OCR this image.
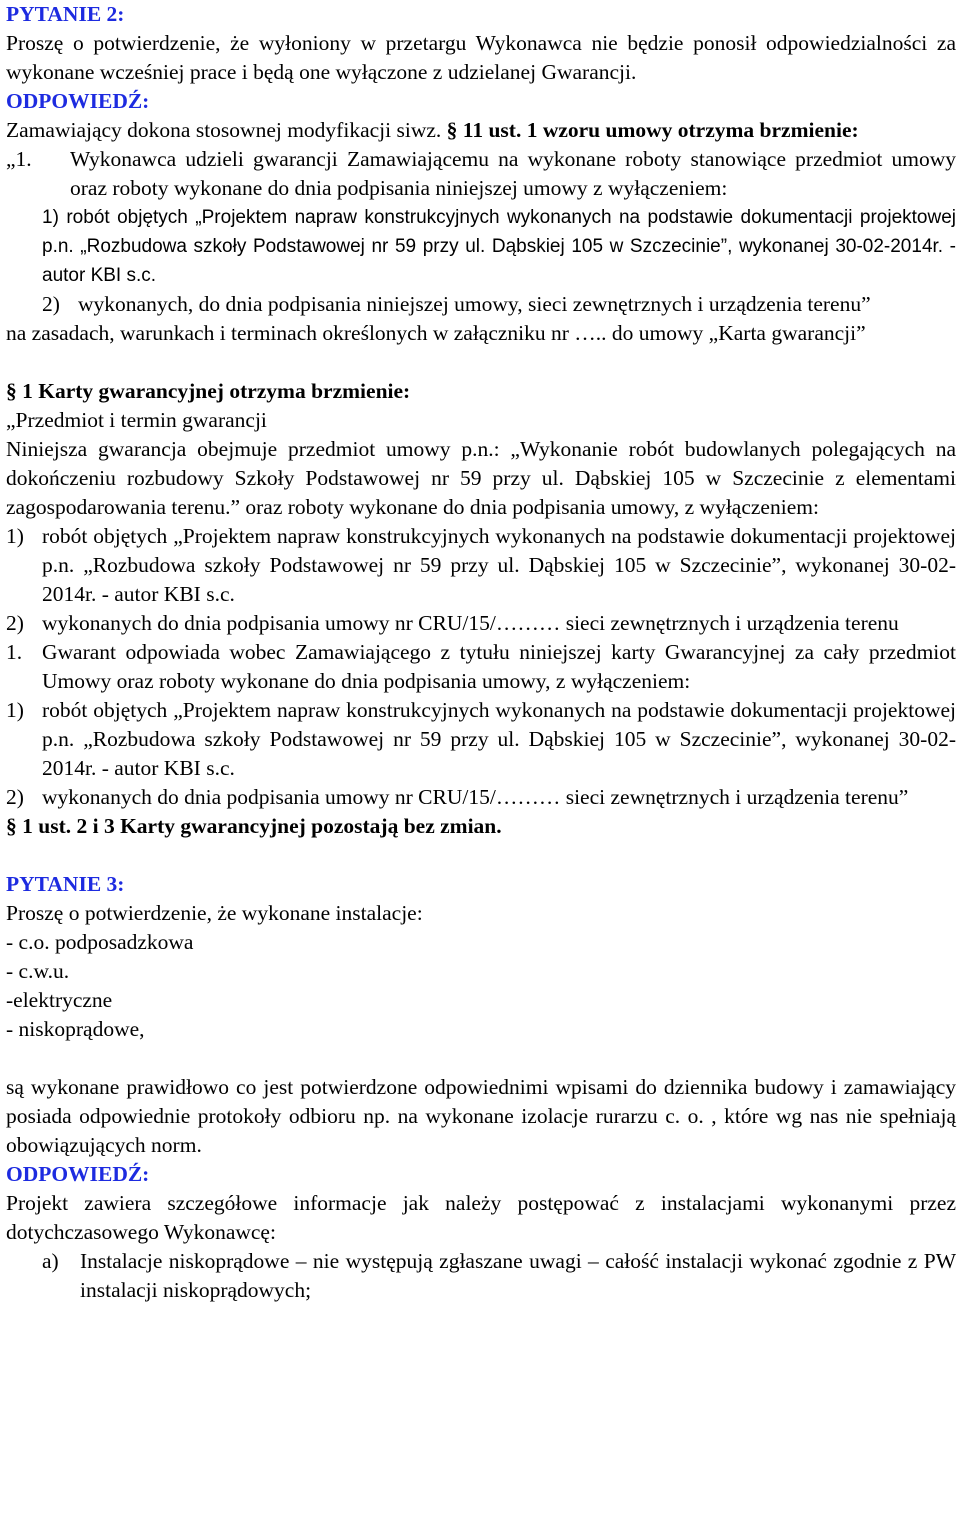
PYTANIE 2:

Proszę o potwierdzenie, że wyłoniony w przetargu Wykonawca nie będzie ponosił odpowiedzialności za wykonane wcześniej prace i będą one wyłączone z udzielanej Gwarancji.

ODPOWIEDŹ:

Zamawiający dokona stosownej modyfikacji siwz. § 11 ust. 1 wzoru umowy otrzyma brzmienie:

„1. Wykonawca udzieli gwarancji Zamawiającemu na wykonane roboty stanowiące przedmiot umowy oraz roboty wykonane do dnia podpisania niniejszej umowy z wyłączeniem:

1) robót objętych „Projektem napraw konstrukcyjnych wykonanych na podstawie dokumentacji projektowej p.n. „Rozbudowa szkoły Podstawowej nr 59 przy ul. Dąbskiej 105 w Szczecinie”, wykonanej 30-02-2014r. - autor KBI s.c.

2) wykonanych, do dnia podpisania niniejszej umowy, sieci zewnętrznych i urządzenia terenu”

na zasadach, warunkach i terminach określonych w załączniku nr ….. do umowy „Karta gwarancji”

§ 1 Karty gwarancyjnej otrzyma brzmienie:

„Przedmiot i termin gwarancji

Niniejsza gwarancja obejmuje przedmiot umowy p.n.: „Wykonanie robót budowlanych polegających na dokończeniu rozbudowy Szkoły Podstawowej nr 59 przy ul. Dąbskiej 105 w Szczecinie z elementami zagospodarowania terenu.” oraz roboty wykonane do dnia podpisania umowy, z wyłączeniem:

1) robót objętych „Projektem napraw konstrukcyjnych wykonanych na podstawie dokumentacji projektowej p.n. „Rozbudowa szkoły Podstawowej nr 59 przy ul. Dąbskiej 105 w Szczecinie”, wykonanej 30-02-2014r. - autor KBI s.c.
2) wykonanych do dnia podpisania umowy nr CRU/15/……… sieci zewnętrznych i urządzenia terenu
1. Gwarant odpowiada wobec Zamawiającego z tytułu niniejszej karty Gwarancyjnej za cały przedmiot Umowy oraz roboty wykonane do dnia podpisania umowy, z wyłączeniem:
1) robót objętych „Projektem napraw konstrukcyjnych wykonanych na podstawie dokumentacji projektowej p.n. „Rozbudowa szkoły Podstawowej nr 59 przy ul. Dąbskiej 105 w Szczecinie”, wykonanej 30-02-2014r. - autor KBI s.c.
2) wykonanych do dnia podpisania umowy nr CRU/15/……… sieci zewnętrznych i urządzenia terenu”

§ 1 ust. 2 i 3 Karty gwarancyjnej pozostają bez zmian.

PYTANIE 3:

Proszę o potwierdzenie, że wykonane instalacje:

- c.o. podposadzkowa

- c.w.u.

-elektryczne

- niskoprądowe,

są wykonane prawidłowo co jest potwierdzone odpowiednimi wpisami do dziennika budowy i zamawiający posiada odpowiednie protokoły odbioru np. na wykonane izolacje rurarzu c. o. , które wg nas nie spełniają obowiązujących norm.

ODPOWIEDŹ:

Projekt zawiera szczegółowe informacje jak należy postępować z instalacjami wykonanymi przez dotychczasowego Wykonawcę:

a) Instalacje niskoprądowe – nie występują zgłaszane uwagi – całość instalacji wykonać zgodnie z PW instalacji niskoprądowych;
